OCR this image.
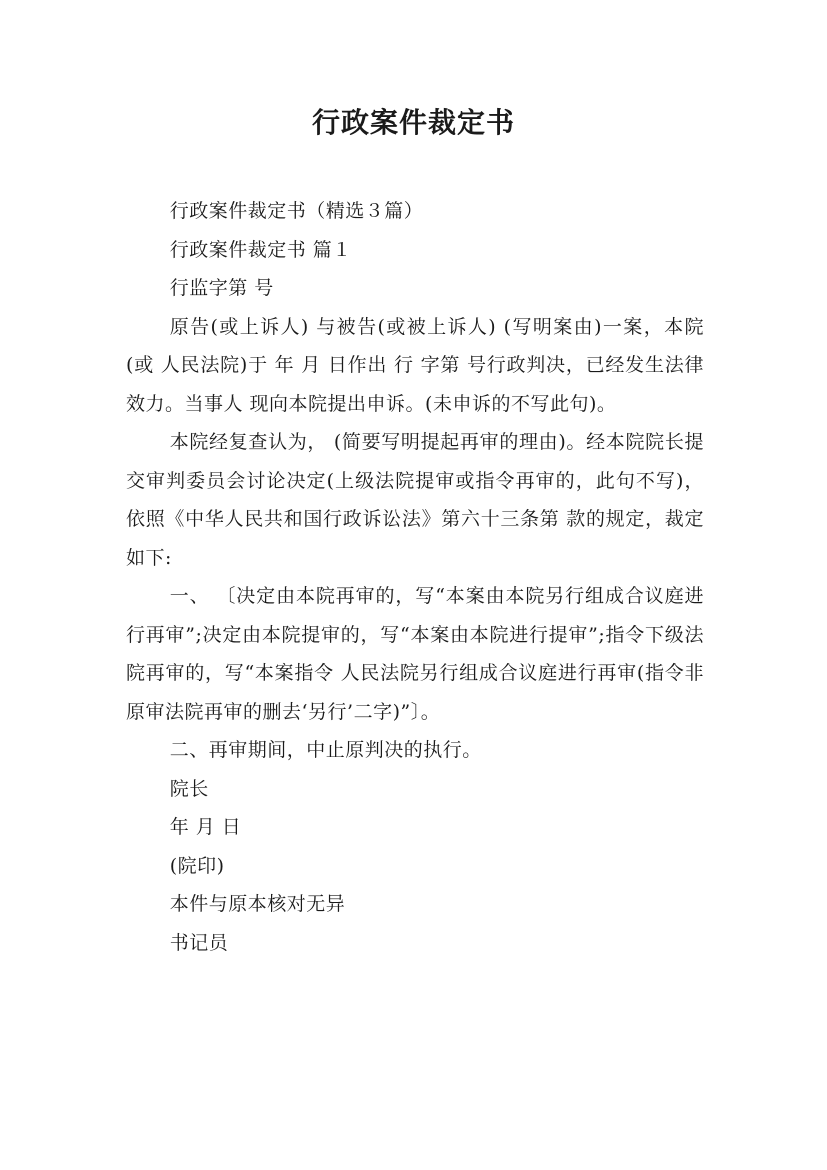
行政案件裁定书

行政案件裁定书（精选３篇）

行政案件裁定书 篇１

行监字第 号

原告(或上诉人) 与被告(或被上诉人) (写明案由)一案，本院(或 人民法院)于 年 月 日作出 行 字第 号行政判决，已经发生法律效力。当事人 现向本院提出申诉。(未申诉的不写此句)。

本院经复查认为， (简要写明提起再审的理由)。经本院院长提交审判委员会讨论决定(上级法院提审或指令再审的，此句不写)，依照《中华人民共和国行政诉讼法》第六十三条第 款的规定，裁定如下:

一、 〔决定由本院再审的，写“本案由本院另行组成合议庭进行再审”;决定由本院提审的，写“本案由本院进行提审”;指令下级法院再审的，写“本案指令 人民法院另行组成合议庭进行再审(指令非原审法院再审的删去‘另行’二字)”〕。

二、再审期间，中止原判决的执行。

院长

年 月 日

(院印)

本件与原本核对无异

书记员
